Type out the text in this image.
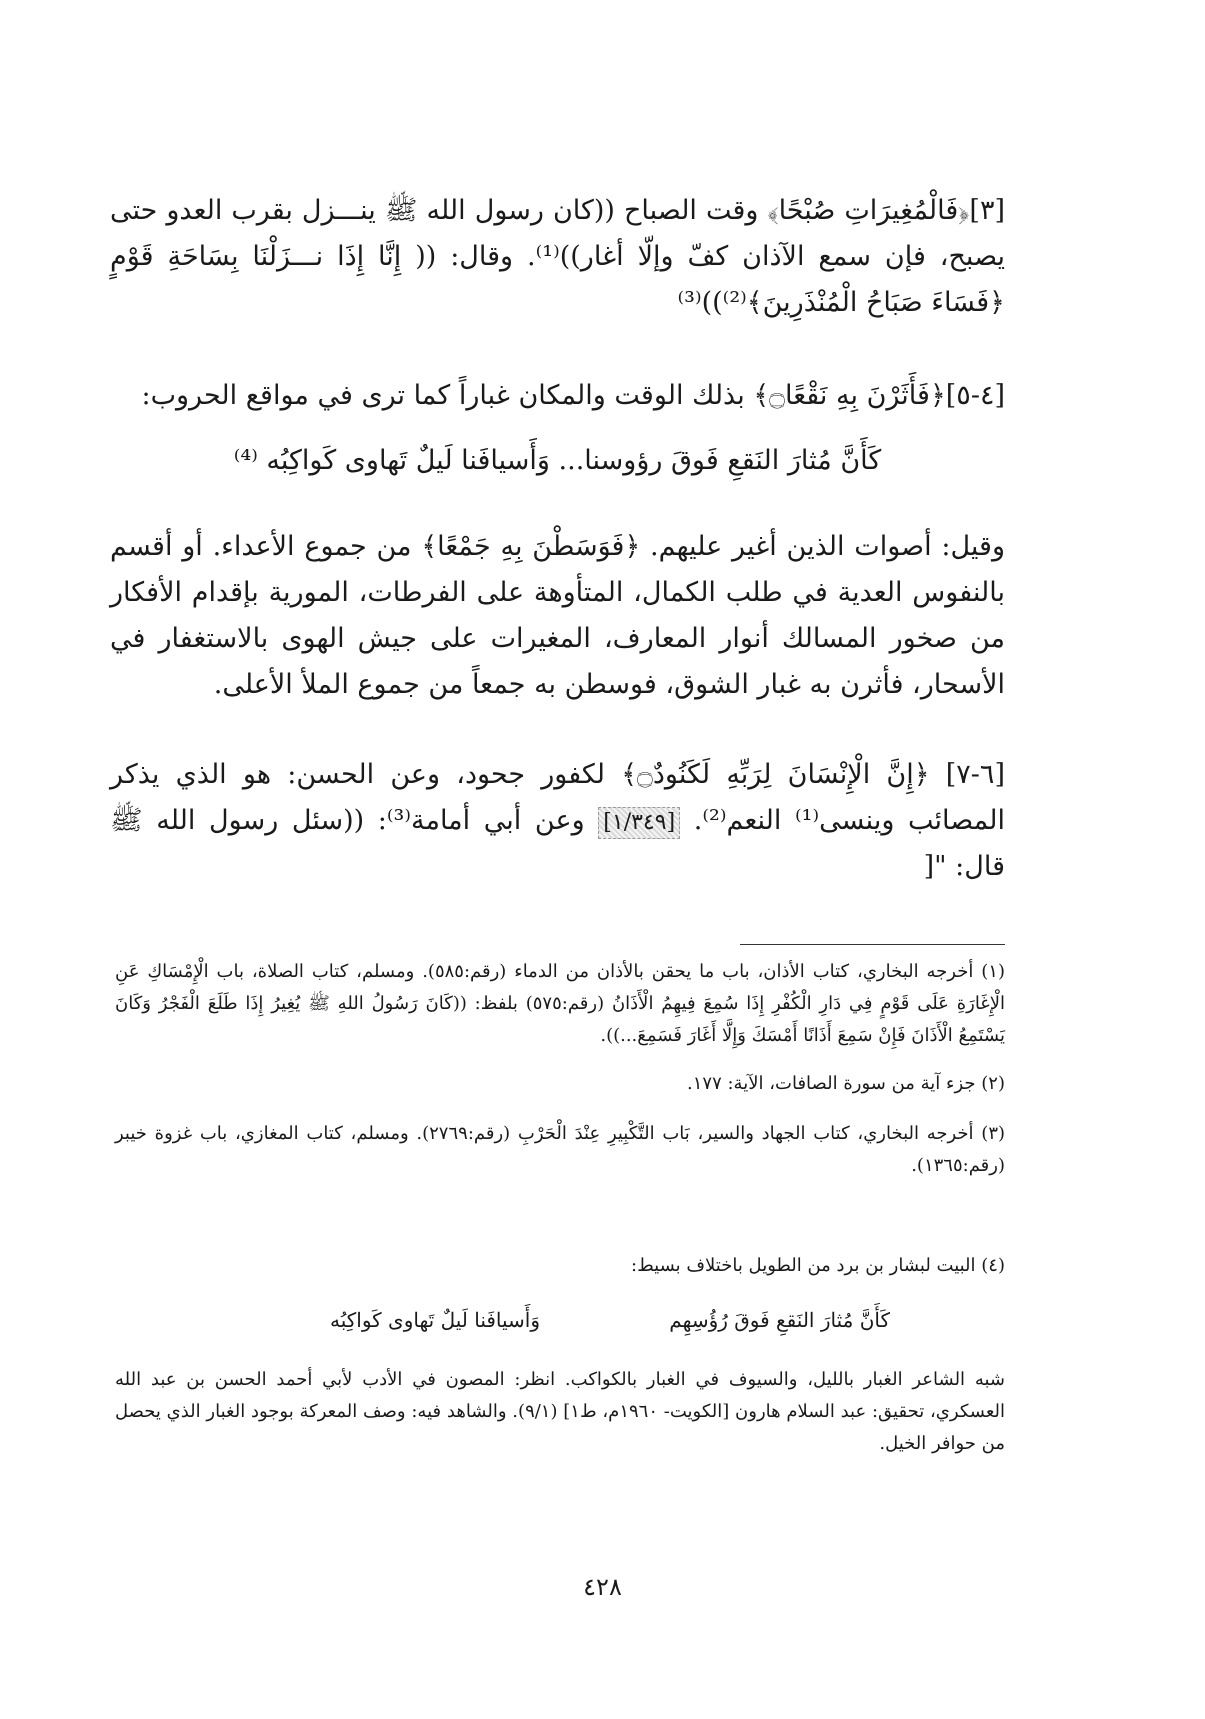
[٣]﴿فَالْمُغِيرَاتِ صُبْحًا﴾ وقت الصباح ((كان رسول الله ﷺ ينـــزل بقرب العدو حتى يصبح، فإن سمع الآذان كفّ وإلّا أغار))⁽¹⁾. وقال: (( إِنَّا إِذَا نـــزَلْنَا بِسَاحَةِ قَوْمٍ ﴿فَسَاءَ صَبَاحُ الْمُنْذَرِينَ﴾⁽²⁾))⁽³⁾

[٤-٥]﴿فَأَثَرْنَ بِهِ نَقْعًا۝﴾ بذلك الوقت والمكان غباراً كما ترى في مواقع الحروب:

كَأَنَّ مُثارَ النَقعِ فَوقَ رؤوسنا... وَأَسيافَنا لَيلٌ تَهاوى كَواكِبُه ⁽⁴⁾

وقيل: أصوات الذين أغير عليهم. ﴿فَوَسَطْنَ بِهِ جَمْعًا﴾ من جموع الأعداء. أو أقسم بالنفوس العدية في طلب الكمال، المتأوهة على الفرطات، المورية بإقدام الأفكار من صخور المسالك أنوار المعارف، المغيرات على جيش الهوى بالاستغفار في الأسحار، فأثرن به غبار الشوق، فوسطن به جمعاً من جموع الملأ الأعلى.

[٦-٧] ﴿إِنَّ الْإِنْسَانَ لِرَبِّهِ لَكَنُودٌ۝﴾ لكفور جحود، وعن الحسن: هو الذي يذكر المصائب وينسى⁽¹⁾ النعم⁽²⁾. [١/٣٤٩] وعن أبي أمامة⁽³⁾: ((سئل رسول الله ﷺ قال: "[

(١) أخرجه البخاري، كتاب الأذان، باب ما يحقن بالأذان من الدماء (رقم:٥٨٥). ومسلم، كتاب الصلاة، باب الْإِمْسَاكِ عَنِ الْإِغَارَةِ عَلَى قَوْمٍ فِي دَارِ الْكُفْرِ إِذَا سُمِعَ فِيهِمُ الْأَذَانُ (رقم:٥٧٥) بلفظ: ((كَانَ رَسُولُ اللهِ ﷺ يُغِيرُ إِذَا طَلَعَ الْفَجْرُ وَكَانَ يَسْتَمِعُ الْأَذَانَ فَإِنْ سَمِعَ أَذَانًا أَمْسَكَ وَإِلَّا أَغَارَ فَسَمِعَ...)).

(٢) جزء آية من سورة الصافات، الآية: ١٧٧.

(٣) أخرجه البخاري، كتاب الجهاد والسير، بَاب التَّكْبِيرِ عِنْدَ الْحَرْبِ (رقم:٢٧٦٩). ومسلم، كتاب المغازي، باب غزوة خيبر (رقم:١٣٦٥).

(٤) البيت لبشار بن برد من الطويل باختلاف بسيط:

كَأَنَّ مُثارَ النَقعِ فَوقَ رُؤُسِهِم
وَأَسيافَنا لَيلٌ تَهاوى كَواكِبُه

شبه الشاعر الغبار بالليل، والسيوف في الغبار بالكواكب. انظر: المصون في الأدب لأبي أحمد الحسن بن عبد الله العسكري، تحقيق: عبد السلام هارون [الكويت- ١٩٦٠م، ط١] (٩/١). والشاهد فيه: وصف المعركة بوجود الغبار الذي يحصل من حوافر الخيل.

٤٢٨
